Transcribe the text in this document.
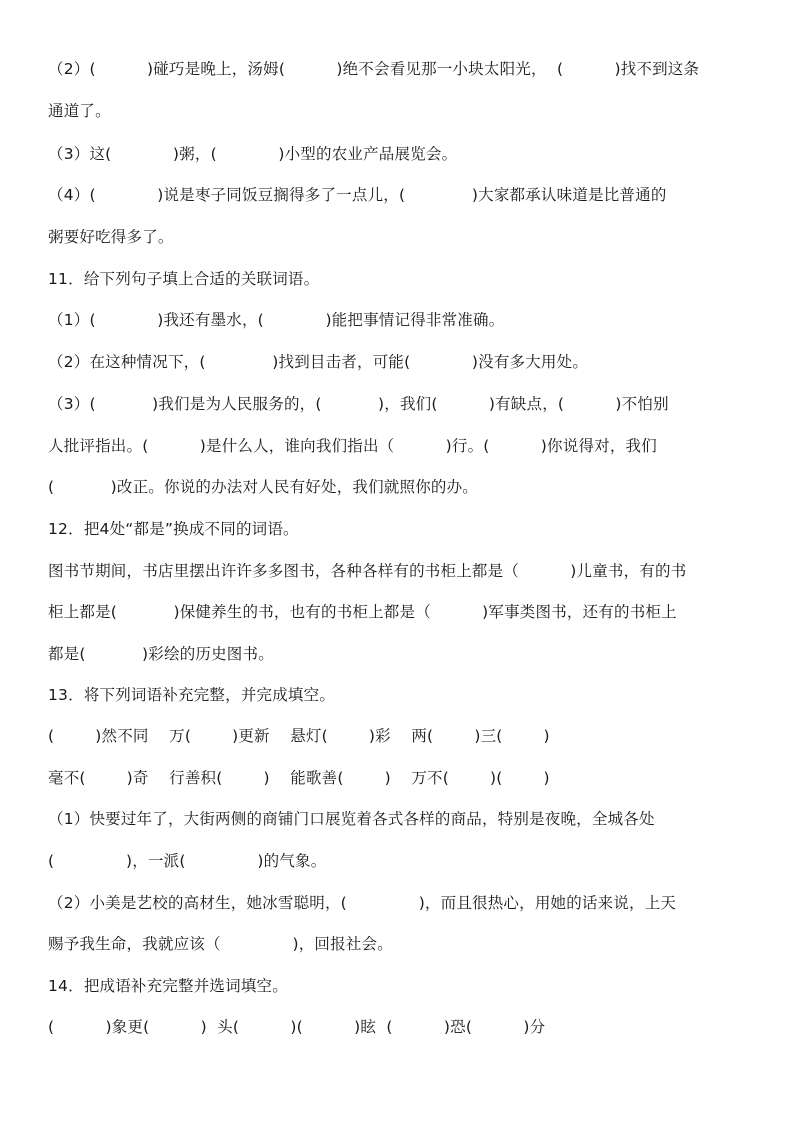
（2）(          )碰巧是晚上，汤姆(          )绝不会看见那一小块太阳光，  (          )找不到这条

通道了。

（3）这(            )粥，(            )小型的农业产品展览会。

（4）(            )说是枣子同饭豆搁得多了一点儿，(             )大家都承认味道是比普通的

粥要好吃得多了。

11．给下列句子填上合适的关联词语。

（1）(            )我还有墨水，(            )能把事情记得非常准确。

（2）在这种情况下，(             )找到目击者，可能(            )没有多大用处。

（3）(           )我们是为人民服务的，(           )，我们(          )有缺点，(          )不怕别

人批评指出。(          )是什么人，谁向我们指出（          )行。(          )你说得对，我们

(           )改正。你说的办法对人民有好处，我们就照你的办。

12．把4处“都是”换成不同的词语。

图书节期间，书店里摆出许许多多图书，各种各样有的书柜上都是（          )儿童书，有的书

柜上都是(           )保健养生的书，也有的书柜上都是（          )军事类图书，还有的书柜上

都是(           )彩绘的历史图书。

13．将下列词语补充完整，并完成填空。

(        )然不同    万(        )更新    悬灯(        )彩    两(        )三(        )

毫不(        )奇    行善积(        )    能歌善(        )    万不(        )(        )

（1）快要过年了，大街两侧的商铺门口展览着各式各样的商品，特别是夜晚，全城各处

(              )，一派(              )的气象。

（2）小美是艺校的高材生，她冰雪聪明，(              )，而且很热心，用她的话来说，上天

赐予我生命，我就应该（              )，回报社会。

14．把成语补充完整并选词填空。

(          )象更(          )  头(          )(          )眩  (          )恐(          )分
